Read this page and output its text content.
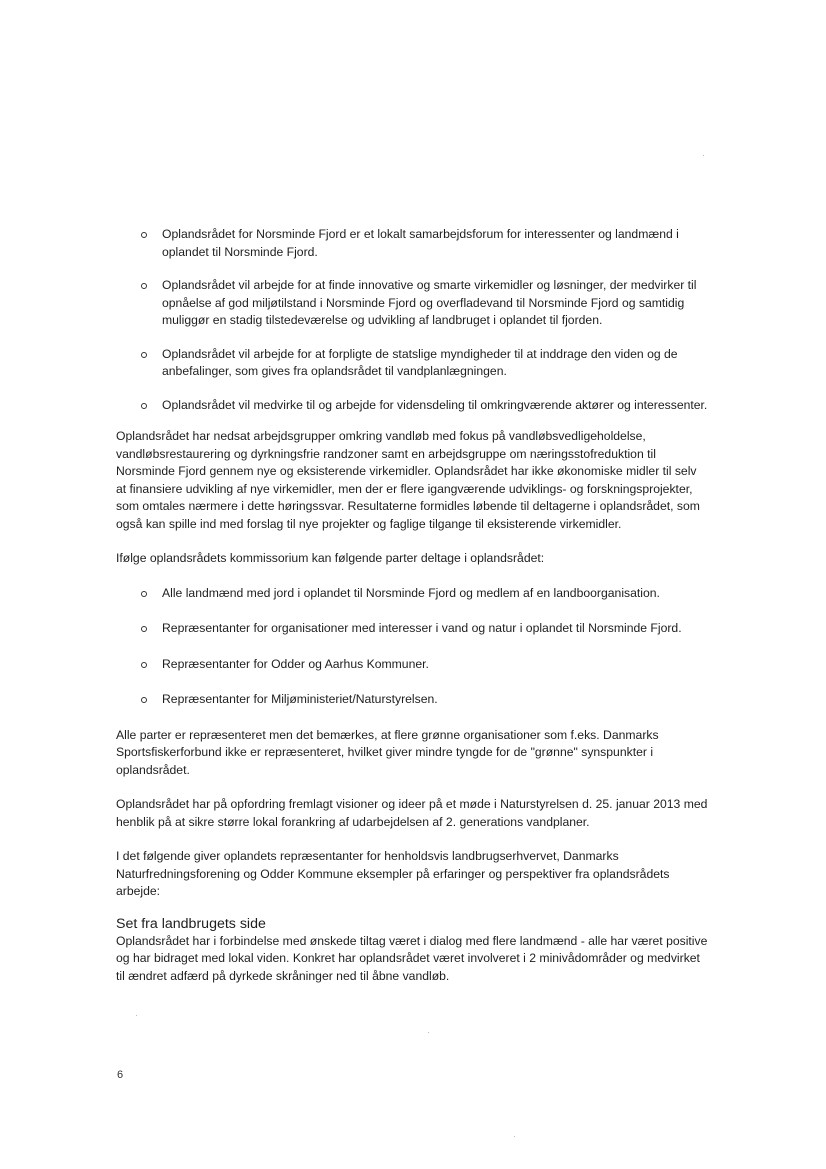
Oplandsrådet for Norsminde Fjord er et lokalt samarbejdsforum for interessenter og landmænd i oplandet til Norsminde Fjord.
Oplandsrådet vil arbejde for at finde innovative og smarte virkemidler og løsninger, der medvirker til opnåelse af god miljøtilstand i Norsminde Fjord og overfladevand til Norsminde Fjord og samtidig muliggør en stadig tilstedeværelse og udvikling af landbruget i oplandet til fjorden.
Oplandsrådet vil arbejde for at forpligte de statslige myndigheder til at inddrage den viden og de anbefalinger, som gives fra oplandsrådet til vandplanlægningen.
Oplandsrådet vil medvirke til og arbejde for vidensdeling til omkringværende aktører og interessenter.

Oplandsrådet har nedsat arbejdsgrupper omkring vandløb med fokus på vandløbsvedligeholdelse, vandløbsrestaurering og dyrkningsfrie randzoner samt en arbejdsgruppe om næringsstofreduktion til Norsminde Fjord gennem nye og eksisterende virkemidler. Oplandsrådet har ikke økonomiske midler til selv at finansiere udvikling af nye virkemidler, men der er flere igangværende udviklings- og forskningsprojekter, som omtales nærmere i dette høringssvar. Resultaterne formidles løbende til deltagerne i oplandsrådet, som også kan spille ind med forslag til nye projekter og faglige tilgange til eksisterende virkemidler.

Ifølge oplandsrådets kommissorium kan følgende parter deltage i oplandsrådet:

Alle landmænd med jord i oplandet til Norsminde Fjord og medlem af en landboorganisation.
Repræsentanter for organisationer med interesser i vand og natur i oplandet til Norsminde Fjord.
Repræsentanter for Odder og Aarhus Kommuner.
Repræsentanter for Miljøministeriet/Naturstyrelsen.

Alle parter er repræsenteret men det bemærkes, at flere grønne organisationer som f.eks. Danmarks Sportsfiskerforbund ikke er repræsenteret, hvilket giver mindre tyngde for de "grønne" synspunkter i oplandsrådet.

Oplandsrådet har på opfordring fremlagt visioner og ideer på et møde i Naturstyrelsen d. 25. januar 2013 med henblik på at sikre større lokal forankring af udarbejdelsen af 2. generations vandplaner.

I det følgende giver oplandets repræsentanter for henholdsvis landbrugserhvervet, Danmarks Naturfredningsforening og Odder Kommune eksempler på erfaringer og perspektiver fra oplandsrådets arbejde:

Set fra landbrugets side

Oplandsrådet har i forbindelse med ønskede tiltag været i dialog med flere landmænd - alle har været positive og har bidraget med lokal viden. Konkret har oplandsrådet været involveret i 2 minivådområder og medvirket til ændret adfærd på dyrkede skråninger ned til åbne vandløb.

6
